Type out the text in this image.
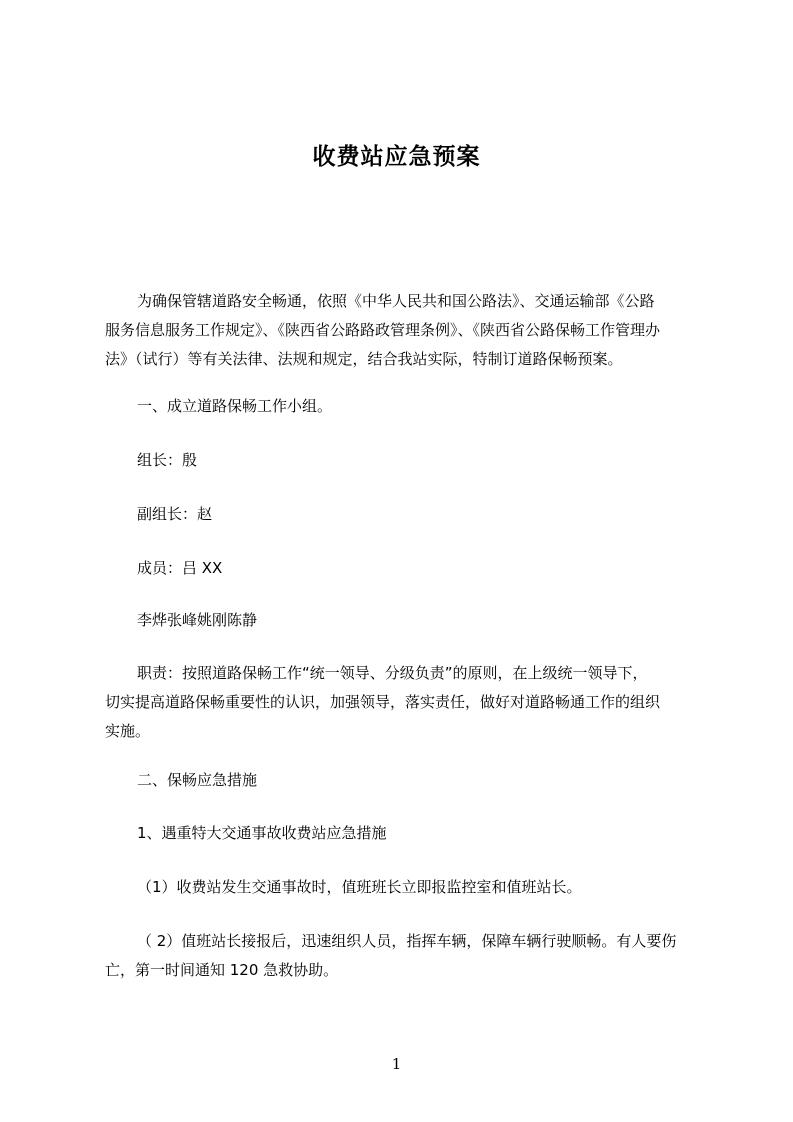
收费站应急预案
为确保管辖道路安全畅通，依照《中华人民共和国公路法》、交通运输部《公路
服务信息服务工作规定》、《陕西省公路路政管理条例》、《陕西省公路保畅工作管理办
法》（试行）等有关法律、法规和规定，结合我站实际，特制订道路保畅预案。
一、成立道路保畅工作小组。
组长：殷
副组长：赵
成员：吕 XX
李烨张峰姚刚陈静
职责：按照道路保畅工作“统一领导、分级负责”的原则，在上级统一领导下，
切实提高道路保畅重要性的认识，加强领导，落实责任，做好对道路畅通工作的组织
实施。
二、保畅应急措施
1、遇重特大交通事故收费站应急措施
（1）收费站发生交通事故时，值班班长立即报监控室和值班站长。
（ 2）值班站长接报后，迅速组织人员，指挥车辆，保障车辆行驶顺畅。有人要伤
亡，第一时间通知 120 急救协助。
1
